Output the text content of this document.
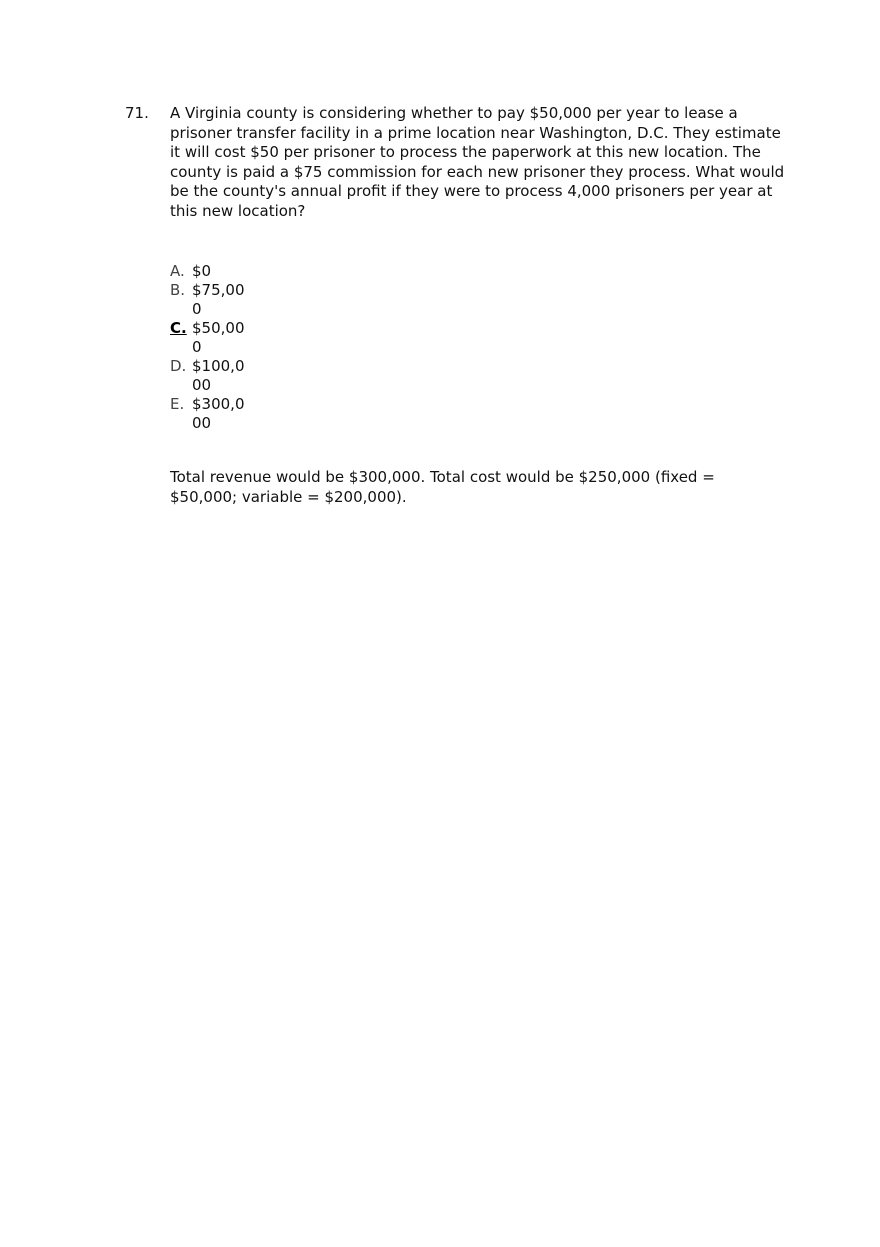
71. A Virginia county is considering whether to pay $50,000 per year to lease a prisoner transfer facility in a prime location near Washington, D.C. They estimate it will cost $50 per prisoner to process the paperwork at this new location. The county is paid a $75 commission for each new prisoner they process. What would be the county's annual profit if they were to process 4,000 prisoners per year at this new location?
A. $0
B. $75,000
C. $50,000
D. $100,000
E. $300,000
Total revenue would be $300,000. Total cost would be $250,000 (fixed = $50,000; variable = $200,000).
